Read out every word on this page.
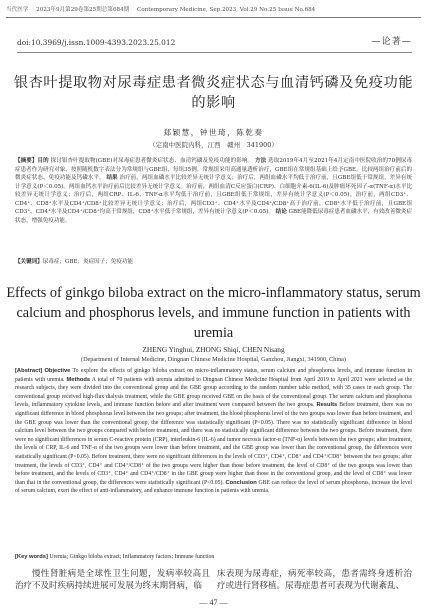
当代医学 2023年9月第29卷第25期总第684期 Contemporary Medicine, Sep.2023, Vol.29 No.25 Issue No.684
doi:10.3969/j.issn.1009-4393.2023.25.012	—论著—
银杏叶提取物对尿毒症患者微炎症状态与血清钙磷及免疫功能的影响
郑颖慧，钟世琦，陈乾奏
（定南中医院内科，江西　赣州　341900）
【摘要】目的 探讨银杏叶提取物(GBE)对尿毒症患者微炎症状态、血清钙磷及免疫功能的影响。 方法 选取2019年4月至2021年4月定南中医院收治的70例尿毒症患者作为研究对象，按照随机数字表法分为常规组与GBE组，每组35例。常规组采用高通量透析治疗，GBE组在常规组基础上给予GBE。比较两组治疗前后的微炎症状态、免疫功能及钙磷水平。 结果 治疗前，两组血磷水平比较差异无统计学意义；治疗后，两组血磷水平均低于治疗前，且GBE组低于常规组，差异有统计学意义(P＜0.05)。两组血钙水平治疗前后比较差异无统计学意义。治疗前，两组血清C反应蛋白(CRP)、白细胞介素-6(IL-6)及肿瘤坏死因子-α(TNF-α)水平比较差异无统计学意义；治疗后，两组CRP、IL-6、TNF-α水平均低于治疗前，且GBE组低于常规组，差异有统计学意义(P＜0.05)。治疗前，两组CD3⁺、CD4⁺、CD8⁺水平及CD4⁺/CD8⁺比较差异无统计学意义；治疗后，两组CD3⁺、CD4⁺水平及CD4⁺/CD8⁺高于治疗前，CD8⁺水平低于治疗前，且GBE组CD3⁺、CD4⁺水平及CD4⁺/CD8⁺均高于常规组，CD8⁺水平低于常规组，差异有统计学意义(P＜0.05)。 结论 GBE能降低尿毒症患者血磷水平，有效改善微炎症状态，增强免疫功能。
【关键词】尿毒症；GBE；炎症因子；免疫功能
Effects of ginkgo biloba extract on the micro-inflammatory status, serum calcium and phosphorus levels, and immune function in patients with uremia
ZHENG Yinghui, ZHONG Shiqi, CHEN Nisang
(Department of Internal Medicine, Dingnan Chinese Medicine Hospital, Ganzhou, Jiangxi, 341900, China)
[Abstract] Objective To explore the effects of ginkgo biloba extract on micro-inflammatory status, serum calcium and phosphorus levels, and immune function in patients with uremia. Methods A total of 70 patients with uremia admitted to Dingnan Chinese Medicine Hospital from April 2019 to April 2021 were selected as the research subjects, they were divided into the conventional group and the GBE group according to the random number table method, with 35 cases in each group. The conventional group received high-flux dialysis treatment, while the GBE group received GBE on the basis of the conventional group. The serum calcium and phosphorus levels, inflammatory cytokine levels, and immune function before and after treatment were compared between the two groups. Results Before treatment, there was no significant difference in blood phosphorus level between the two groups; after treatment, the blood phosphorus level of the two groups was lower than before treatment, and the GBE group was lower than the conventional group, the difference was statistically significant (P<0.05). There was no statistically significant difference in blood calcium level between the two groups compared with before treatment, and there was no statistically significant difference between the two groups. Before treatment, there were no significant differences in serum C-reactive protein (CRP), interleukin-6 (IL-6) and tumor necrosis factor-α (TNF-α) levels between the two groups; after treatment, the levels of CRP, IL-6 and TNF-α of the two groups were lower than before treatment, and the GBE group was lower than the conventional group, the differences were statistically significant (P<0.05). Before treatment, there were no significant differences in the levels of CD3⁺, CD4⁺, CD8⁺ and CD4⁺/CD8⁺ between the two groups; after treatment, the levels of CD3⁺, CD4⁺ and CD4⁺/CD8⁺ of the two groups were higher than those before treatment, the level of CD8⁺ of the two groups was lower than before treatment, and the levels of CD3⁺, CD4⁺ and CD4⁺/CD8⁺ in the GBE group were higher than those in the conventional group, and the level of CD8⁺ was lower than that in the conventional group, the differences were statistically significant (P<0.05). Conclusion GBE can reduce the level of serum phosphorus, increase the level of serum calcium, exert the effect of anti-inflammatory, and enhance immune function in patients with uremia.
[Key words] Uremia; Ginkgo biloba extract; Inflammatory factors; Immune function
慢性肾脏病是全球性卫生问题，发病率较高且治疗不及时疾病持续进展可发展为终末期肾病，临
床表现为尿毒症，病死率较高，患者需终身透析治疗或进行肾移植。尿毒症患者可表现为代谢紊乱、
— 47 —
